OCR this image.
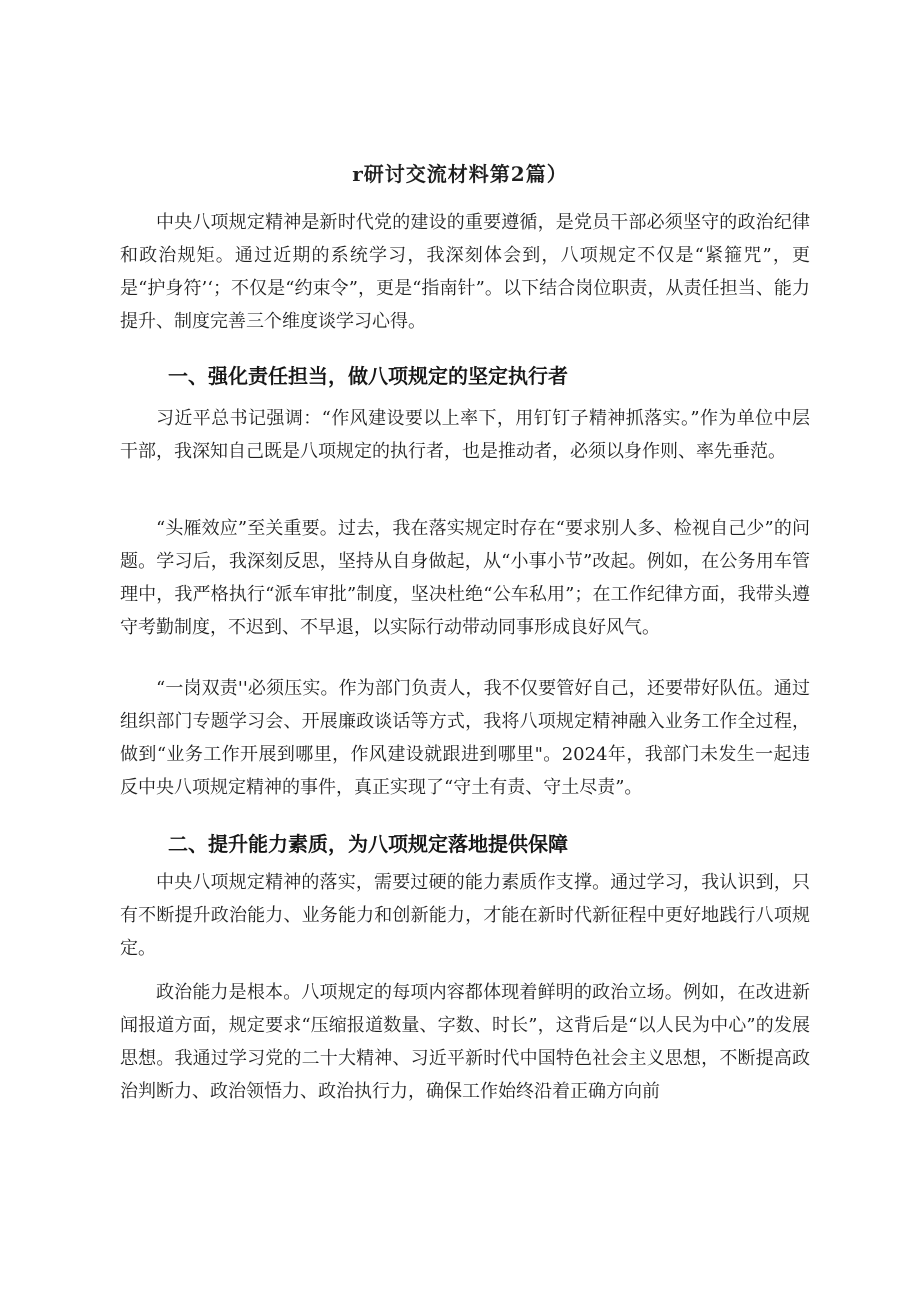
r研讨交流材料第2篇）

中央八项规定精神是新时代党的建设的重要遵循，是党员干部必须坚守的政治纪律和政治规矩。通过近期的系统学习，我深刻体会到，八项规定不仅是“紧箍咒”，更是“护身符’‘；不仅是“约束令”，更是“指南针”。以下结合岗位职责，从责任担当、能力提升、制度完善三个维度谈学习心得。

一、强化责任担当，做八项规定的坚定执行者

习近平总书记强调：“作风建设要以上率下，用钉钉子精神抓落实。”作为单位中层干部，我深知自己既是八项规定的执行者，也是推动者，必须以身作则、率先垂范。

“头雁效应”至关重要。过去，我在落实规定时存在“要求别人多、检视自己少”的问题。学习后，我深刻反思，坚持从自身做起，从“小事小节”改起。例如，在公务用车管理中，我严格执行“派车审批”制度，坚决杜绝“公车私用”；在工作纪律方面，我带头遵守考勤制度，不迟到、不早退，以实际行动带动同事形成良好风气。

“一岗双责''必须压实。作为部门负责人，我不仅要管好自己，还要带好队伍。通过组织部门专题学习会、开展廉政谈话等方式，我将八项规定精神融入业务工作全过程，做到“业务工作开展到哪里，作风建设就跟进到哪里"。2024年，我部门未发生一起违反中央八项规定精神的事件，真正实现了“守土有责、守土尽责”。

二、提升能力素质，为八项规定落地提供保障

中央八项规定精神的落实，需要过硬的能力素质作支撑。通过学习，我认识到，只有不断提升政治能力、业务能力和创新能力，才能在新时代新征程中更好地践行八项规定。

政治能力是根本。八项规定的每项内容都体现着鲜明的政治立场。例如，在改进新闻报道方面，规定要求“压缩报道数量、字数、时长”，这背后是“以人民为中心”的发展思想。我通过学习党的二十大精神、习近平新时代中国特色社会主义思想，不断提高政治判断力、政治领悟力、政治执行力，确保工作始终沿着正确方向前
